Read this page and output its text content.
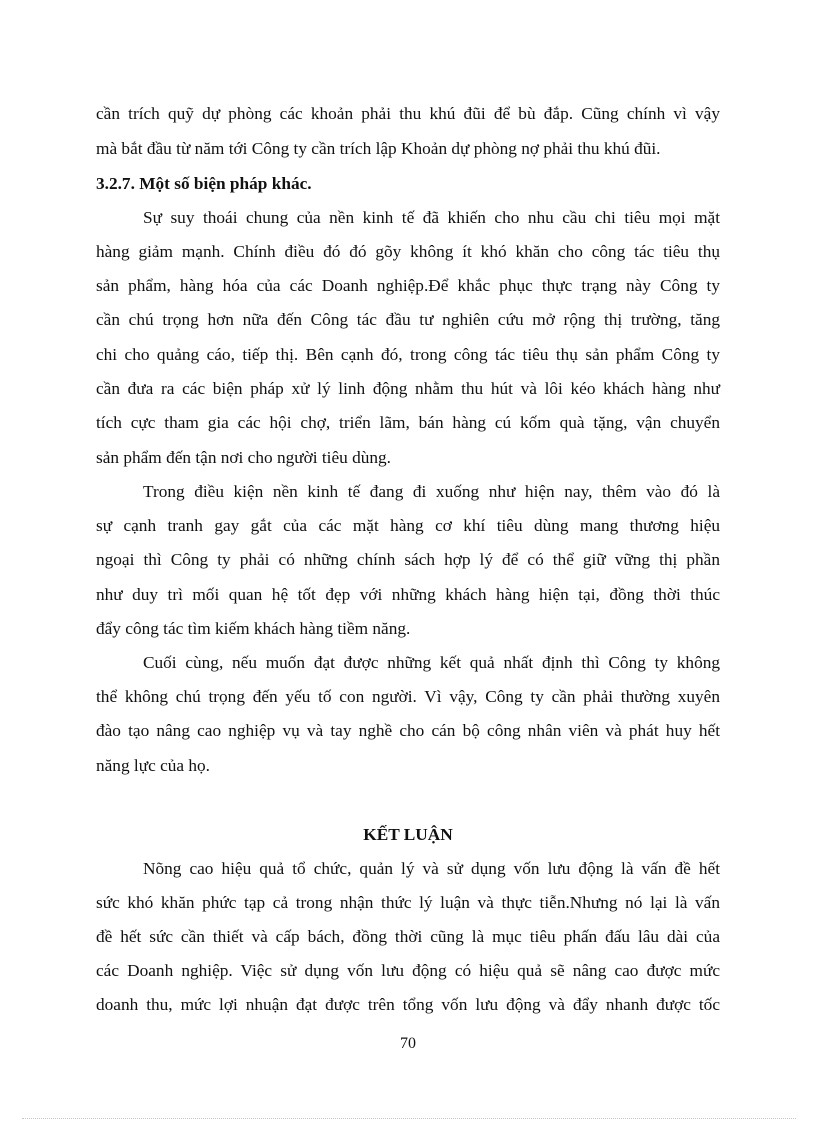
cần trích quỹ dự phòng các khoản phải thu khú đũi để bù đắp. Cũng chính vì vậy
mà bắt đầu từ năm tới Công ty cần trích lập Khoản dự phòng nợ phải thu khú đũi.
3.2.7. Một số biện pháp khác.
Sự suy thoái chung của nền kinh tế đã khiến cho nhu cầu chi tiêu mọi mặt
hàng giảm mạnh. Chính điều đó đó gõy không ít khó khăn cho công tác tiêu thụ
sản phẩm, hàng hóa của các Doanh nghiệp.Để khắc phục thực trạng này Công ty
cần chú trọng hơn nữa đến Công tác đầu tư nghiên cứu mở rộng thị trường, tăng
chi cho quảng cáo, tiếp thị. Bên cạnh đó, trong công tác tiêu thụ sản phẩm Công ty
cần đưa ra các biện pháp xử lý linh động nhằm thu hút và lôi kéo khách hàng như
tích cực tham gia các hội chợ, triển lãm, bán hàng cú kốm quà tặng, vận chuyển
sản phẩm đến tận nơi cho người tiêu dùng.
Trong điều kiện nền kinh tế đang đi xuống như hiện nay, thêm vào đó là
sự cạnh tranh gay gắt của các mặt hàng cơ khí tiêu dùng mang thương hiệu
ngoại thì Công ty phải có những chính sách hợp lý để có thể giữ vững thị phần
như duy trì mối quan hệ tốt đẹp với những khách hàng hiện tại, đồng thời thúc
đẩy công tác tìm kiếm khách hàng tiềm năng.
Cuối cùng, nếu muốn đạt được những kết quả nhất định thì Công ty không
thể không chú trọng đến yếu tố con người. Vì vậy, Công ty cần phải thường xuyên
đào tạo nâng cao nghiệp vụ và tay nghề cho cán bộ công nhân viên và phát huy hết
năng lực của họ.
KẾT LUẬN
Nõng cao hiệu quả tổ chức, quản lý và sử dụng vốn lưu động là vấn đề hết
sức khó khăn phức tạp cả trong nhận thức lý luận và thực tiễn.Nhưng nó lại là vấn
đề hết sức cần thiết và cấp bách, đồng thời cũng là mục tiêu phấn đấu lâu dài của
các Doanh nghiệp. Việc sử dụng vốn lưu động có hiệu quả sẽ nâng cao được mức
doanh thu, mức lợi nhuận đạt được trên tổng vốn lưu động và đẩy nhanh được tốc
70
